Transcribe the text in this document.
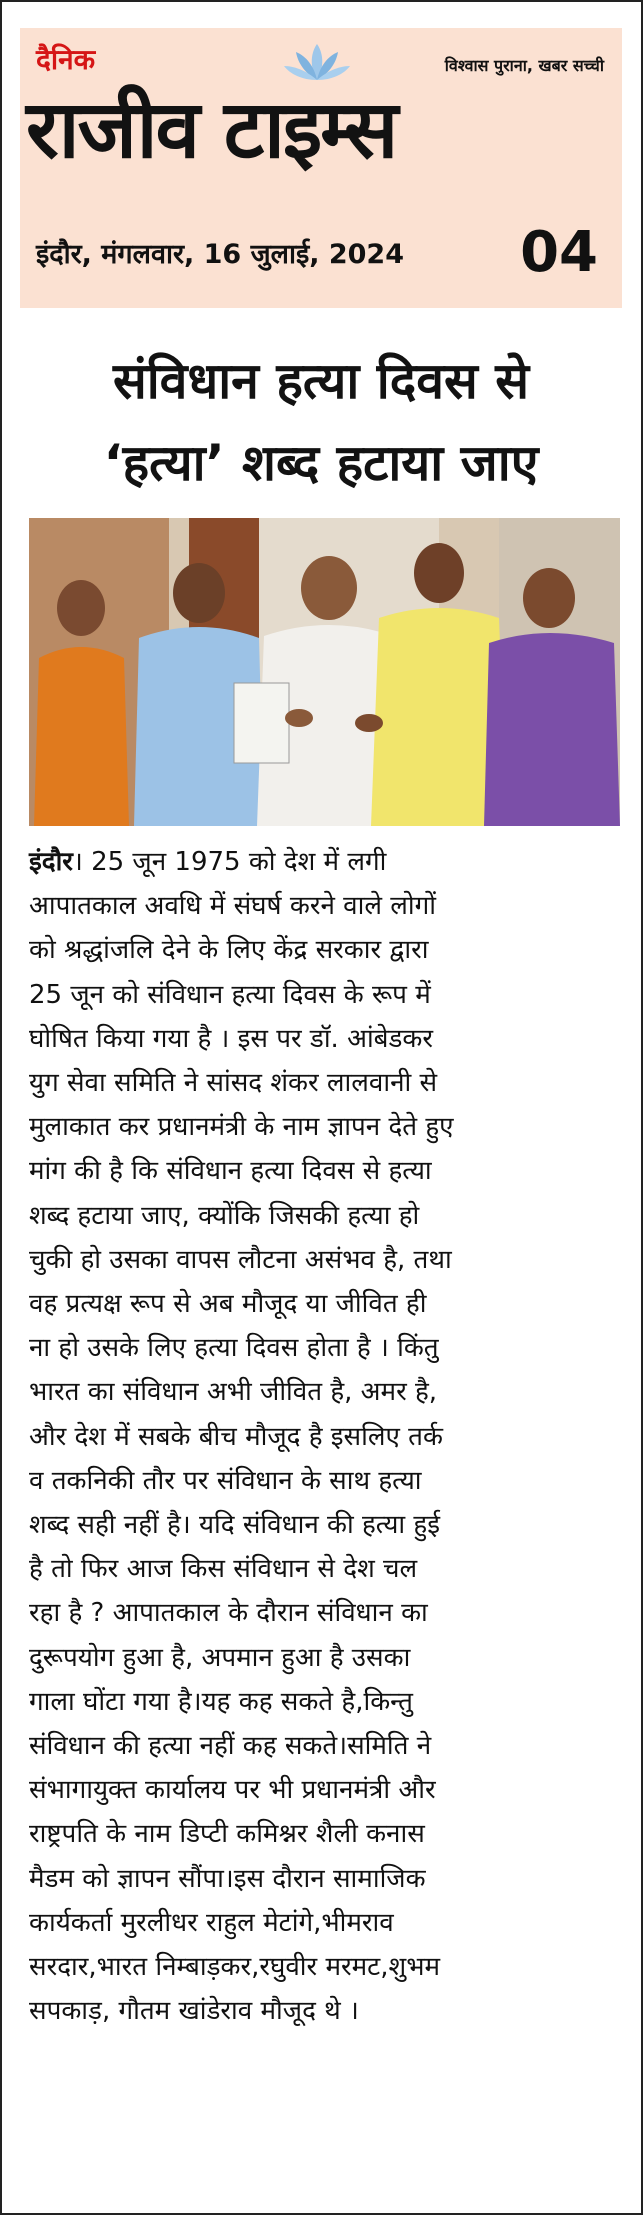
दैनिक	विश्वास पुराना, खबर सच्ची
राजीव टाइम्स
इंदौर, मंगलवार, 16 जुलाई, 2024 04
संविधान हत्या दिवस से
‘हत्या’ शब्द हटाया जाए
इंदौर। 25 जून 1975 को देश में लगी
आपातकाल अवधि में संघर्ष करने वाले लोगों
को श्रद्धांजलि देने के लिए केंद्र सरकार द्वारा
25 जून को संविधान हत्या दिवस के रूप में
घोषित किया गया है । इस पर डॉ. आंबेडकर
युग सेवा समिति ने सांसद शंकर लालवानी से
मुलाकात कर प्रधानमंत्री के नाम ज्ञापन देते हुए
मांग की है कि संविधान हत्या दिवस से हत्या
शब्द हटाया जाए, क्योंकि जिसकी हत्या हो
चुकी हो उसका वापस लौटना असंभव है, तथा
वह प्रत्यक्ष रूप से अब मौजूद या जीवित ही
ना हो उसके लिए हत्या दिवस होता है । किंतु
भारत का संविधान अभी जीवित है, अमर है,
और देश में सबके बीच मौजूद है इसलिए तर्क
व तकनिकी तौर पर संविधान के साथ हत्या
शब्द सही नहीं है। यदि संविधान की हत्या हुई
है तो फिर आज किस संविधान से देश चल
रहा है ? आपातकाल के दौरान संविधान का
दुरूपयोग हुआ है, अपमान हुआ है उसका
गाला घोंटा गया है।यह कह सकते है,किन्तु
संविधान की हत्या नहीं कह सकते।समिति ने
संभागायुक्त कार्यालय पर भी प्रधानमंत्री और
राष्ट्रपति के नाम डिप्टी कमिश्नर शैली कनास
मैडम को ज्ञापन सौंपा।इस दौरान सामाजिक
कार्यकर्ता मुरलीधर राहुल मेटांगे,भीमराव
सरदार,भारत निम्बाड़कर,रघुवीर मरमट,शुभम
सपकाड़, गौतम खांडेराव मौजूद थे ।
